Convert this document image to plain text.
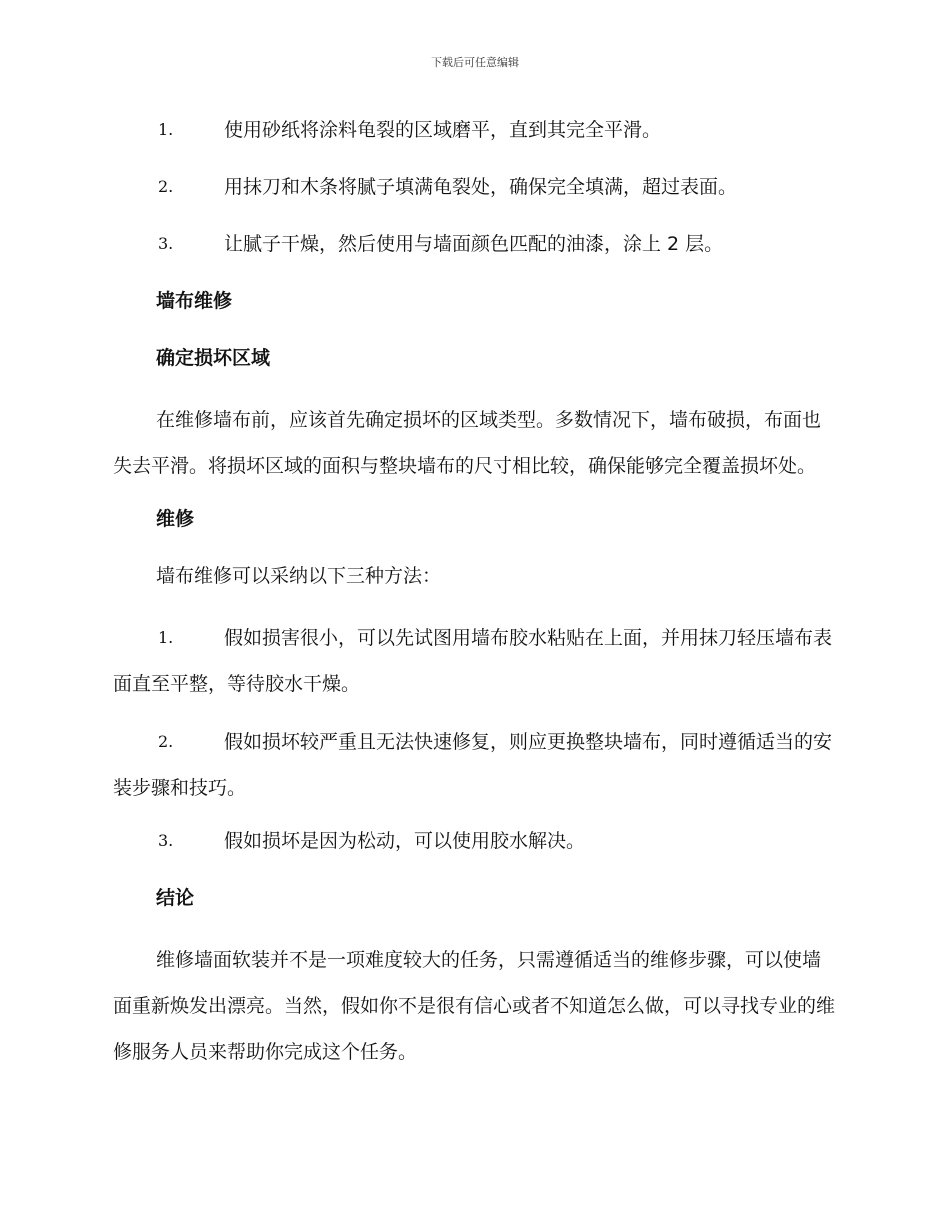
下载后可任意编辑
1.	使用砂纸将涂料龟裂的区域磨平，直到其完全平滑。
2.	用抹刀和木条将腻子填满龟裂处，确保完全填满，超过表面。
3.	让腻子干燥，然后使用与墙面颜色匹配的油漆，涂上 2 层。
墙布维修
确定损坏区域
在维修墙布前，应该首先确定损坏的区域类型。多数情况下，墙布破损，布面也失去平滑。将损坏区域的面积与整块墙布的尺寸相比较，确保能够完全覆盖损坏处。
维修
墙布维修可以采纳以下三种方法：
1.	假如损害很小，可以先试图用墙布胶水粘贴在上面，并用抹刀轻压墙布表面直至平整，等待胶水干燥。
2.	假如损坏较严重且无法快速修复，则应更换整块墙布，同时遵循适当的安装步骤和技巧。
3.	假如损坏是因为松动，可以使用胶水解决。
结论
维修墙面软装并不是一项难度较大的任务，只需遵循适当的维修步骤，可以使墙面重新焕发出漂亮。当然，假如你不是很有信心或者不知道怎么做，可以寻找专业的维修服务人员来帮助你完成这个任务。
